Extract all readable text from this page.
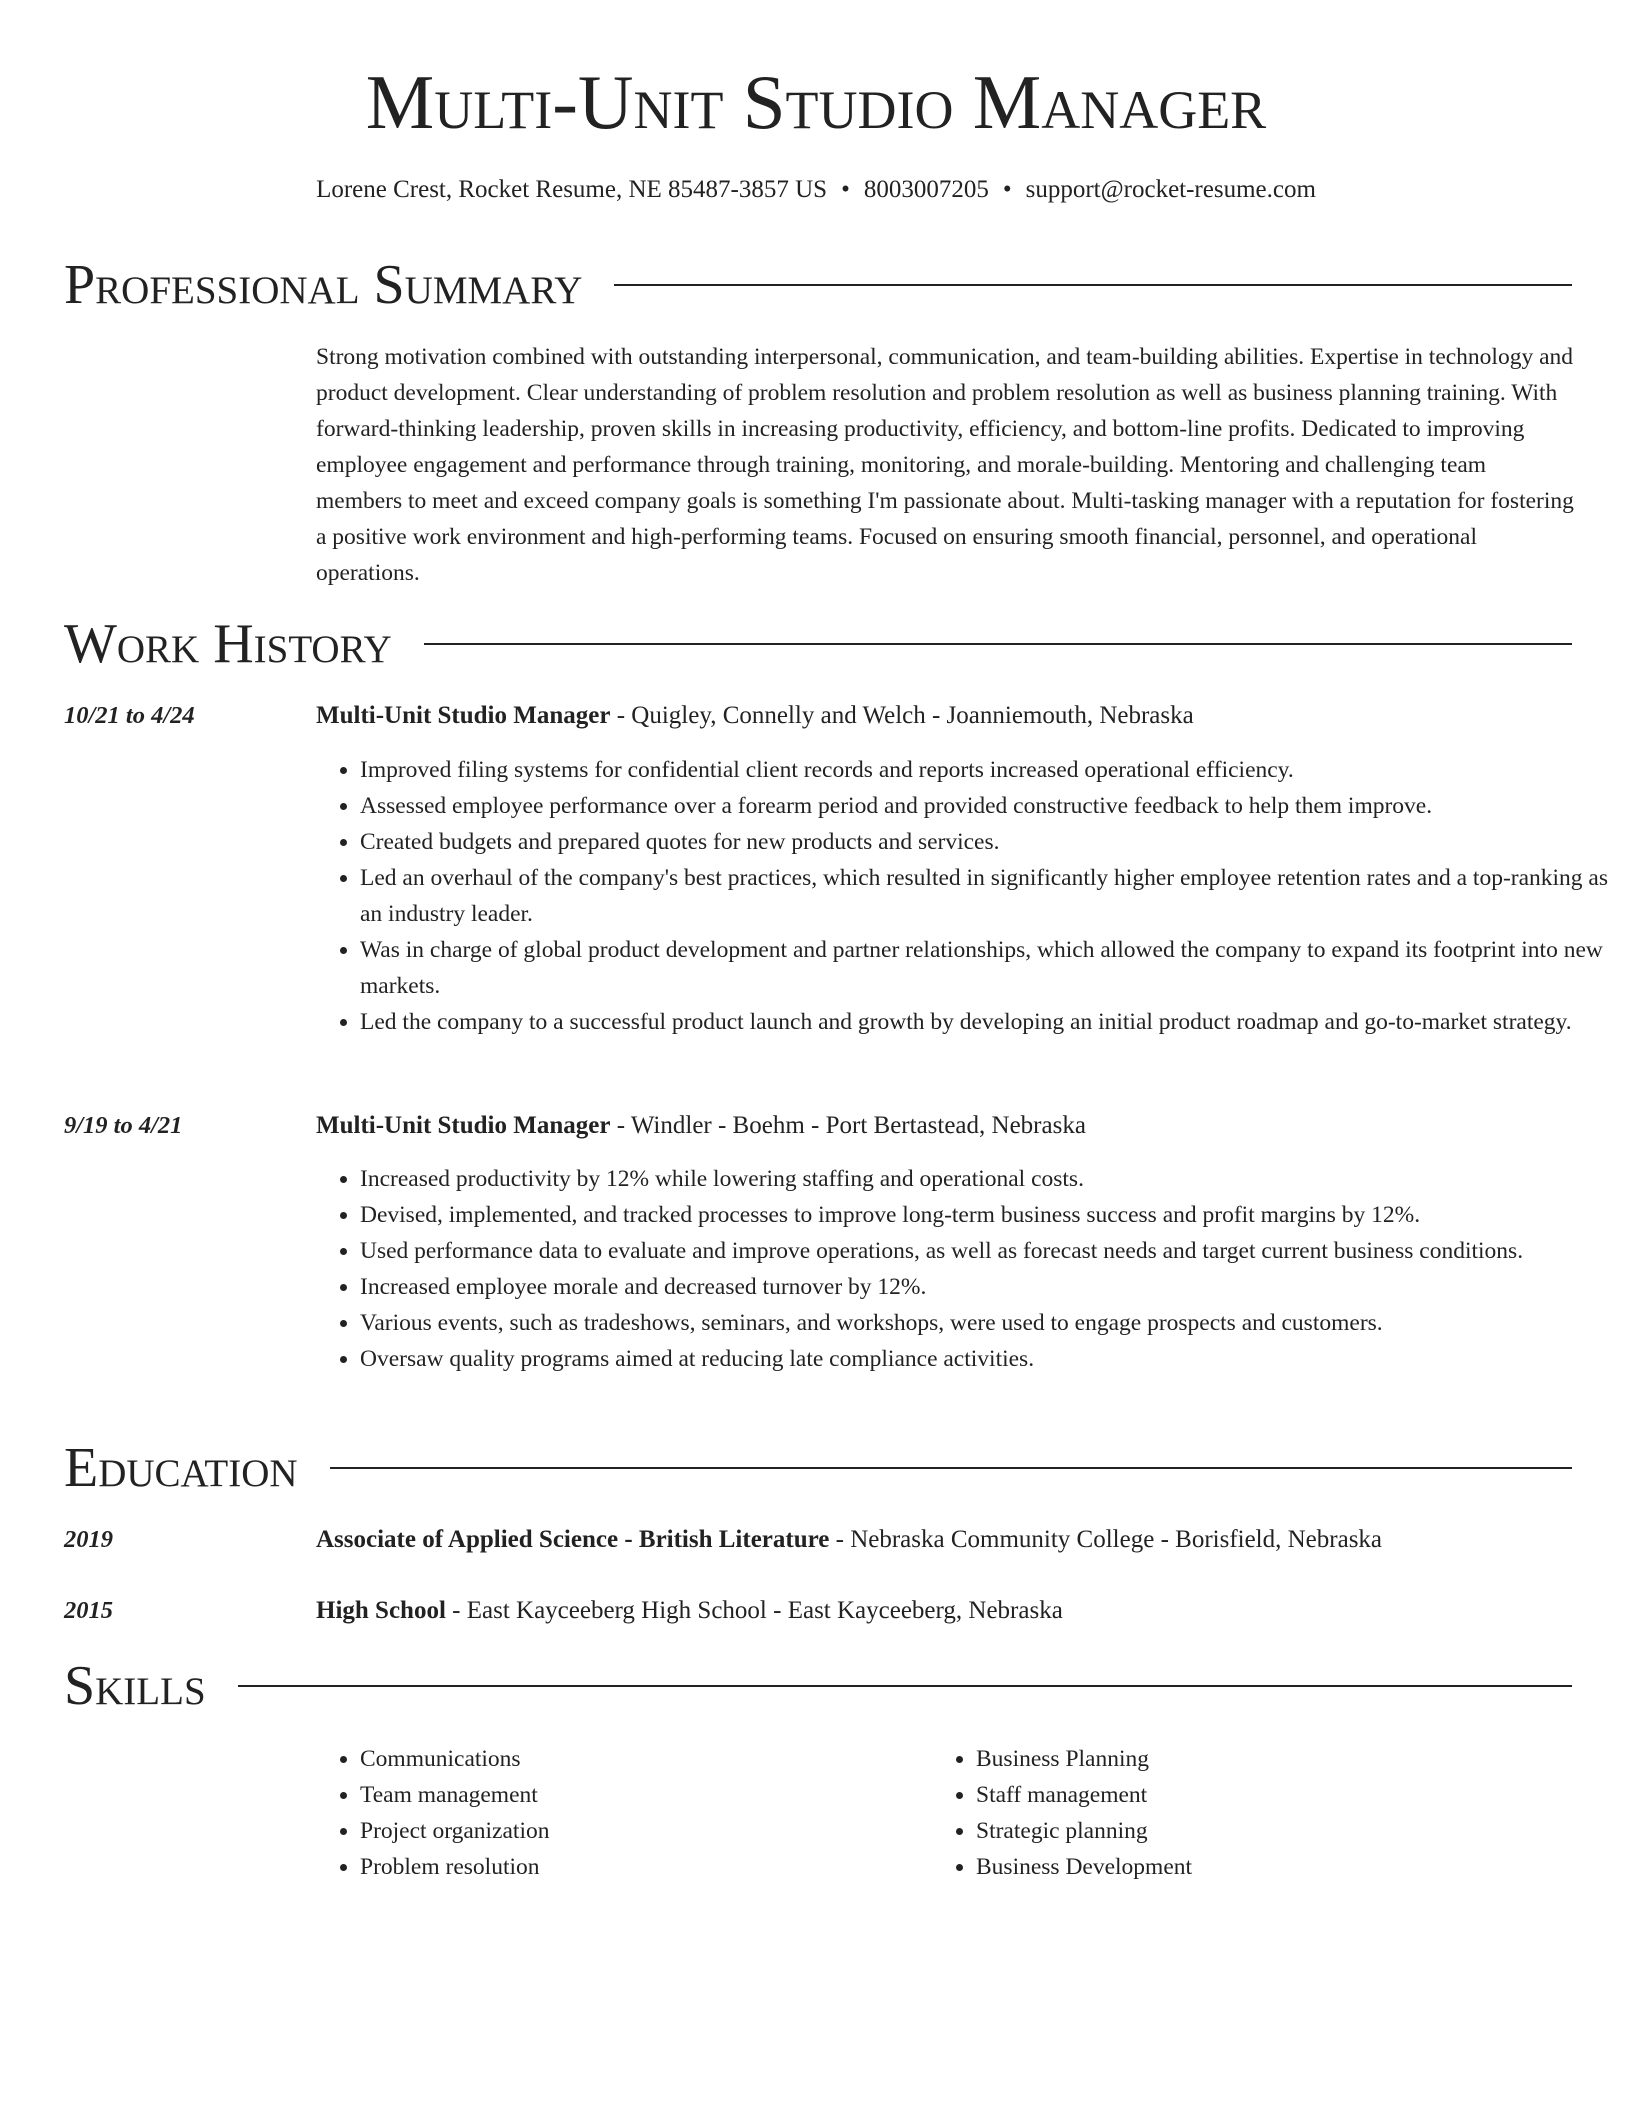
Multi-Unit Studio Manager
Lorene Crest, Rocket Resume, NE 85487-3857 US • 8003007205 • support@rocket-resume.com
Professional Summary

Strong motivation combined with outstanding interpersonal, communication, and team-building abilities. Expertise in technology and product development. Clear understanding of problem resolution and problem resolution as well as business planning training. With forward-thinking leadership, proven skills in increasing productivity, efficiency, and bottom-line profits. Dedicated to improving employee engagement and performance through training, monitoring, and morale-building. Mentoring and challenging team members to meet and exceed company goals is something I'm passionate about. Multi-tasking manager with a reputation for fostering a positive work environment and high-performing teams. Focused on ensuring smooth financial, personnel, and operational operations.

Work History
10/21 to 4/24	Multi-Unit Studio Manager - Quigley, Connelly and Welch - Joanniemouth, Nebraska
• Improved filing systems for confidential client records and reports increased operational efficiency.
• Assessed employee performance over a forearm period and provided constructive feedback to help them improve.
• Created budgets and prepared quotes for new products and services.
• Led an overhaul of the company's best practices, which resulted in significantly higher employee retention rates and a top-ranking as an industry leader.
• Was in charge of global product development and partner relationships, which allowed the company to expand its footprint into new markets.
• Led the company to a successful product launch and growth by developing an initial product roadmap and go-to-market strategy.
9/19 to 4/21	Multi-Unit Studio Manager - Windler - Boehm - Port Bertastead, Nebraska
• Increased productivity by 12% while lowering staffing and operational costs.
• Devised, implemented, and tracked processes to improve long-term business success and profit margins by 12%.
• Used performance data to evaluate and improve operations, as well as forecast needs and target current business conditions.
• Increased employee morale and decreased turnover by 12%.
• Various events, such as tradeshows, seminars, and workshops, were used to engage prospects and customers.
• Oversaw quality programs aimed at reducing late compliance activities.
Education
2019	Associate of Applied Science - British Literature - Nebraska Community College - Borisfield, Nebraska
2015	High School - East Kayceeberg High School - East Kayceeberg, Nebraska
Skills
• Communications
• Team management
• Project organization
• Problem resolution
• Business Planning
• Staff management
• Strategic planning
• Business Development
